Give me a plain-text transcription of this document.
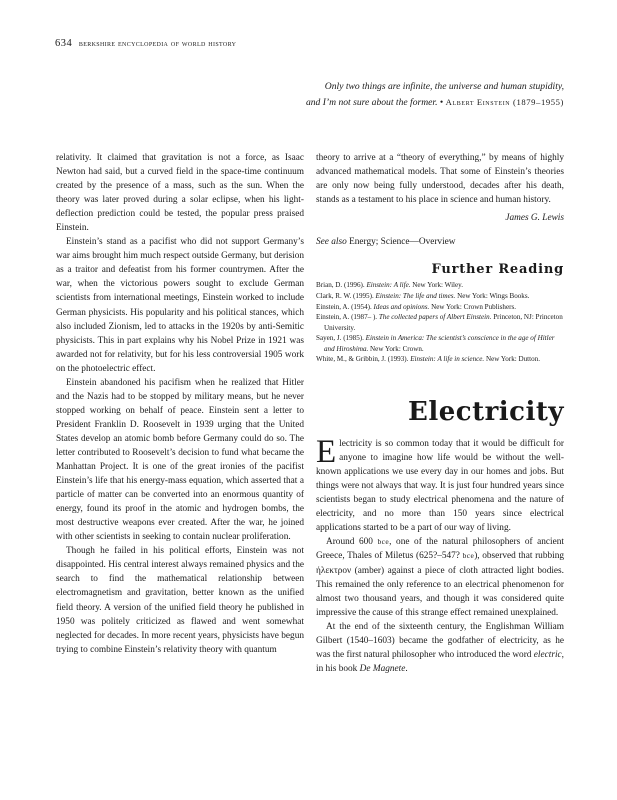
634 berkshire encyclopedia of world history
Only two things are infinite, the universe and human stupidity,
and I’m not sure about the former. • Albert Einstein (1879–1955)

relativity. It claimed that gravitation is not a force, as Isaac Newton had said, but a curved field in the space-time continuum created by the presence of a mass, such as the sun. When the theory was later proved during a solar eclipse, when his light-deflection prediction could be tested, the popular press praised Einstein.

Einstein’s stand as a pacifist who did not support Germany’s war aims brought him much respect outside Germany, but derision as a traitor and defeatist from his former countrymen. After the war, when the victorious powers sought to exclude German scientists from international meetings, Einstein worked to include German physicists. His popularity and his political stances, which also included Zionism, led to attacks in the 1920s by anti-Semitic physicists. This in part explains why his Nobel Prize in 1921 was awarded not for relativity, but for his less controversial 1905 work on the photoelectric effect.

Einstein abandoned his pacifism when he realized that Hitler and the Nazis had to be stopped by military means, but he never stopped working on behalf of peace. Einstein sent a letter to President Franklin D. Roosevelt in 1939 urging that the United States develop an atomic bomb before Germany could do so. The letter contributed to Roosevelt’s decision to fund what became the Manhattan Project. It is one of the great ironies of the pacifist Einstein’s life that his energy-mass equation, which asserted that a particle of matter can be converted into an enormous quantity of energy, found its proof in the atomic and hydrogen bombs, the most destructive weapons ever created. After the war, he joined with other scientists in seeking to contain nuclear proliferation.

Though he failed in his political efforts, Einstein was not disappointed. His central interest always remained physics and the search to find the mathematical relationship between electromagnetism and gravitation, better known as the unified field theory. A version of the unified field theory he published in 1950 was politely criticized as flawed and went somewhat neglected for decades. In more recent years, physicists have begun trying to combine Einstein’s relativity theory with quantum

theory to arrive at a “theory of everything,” by means of highly advanced mathematical models. That some of Einstein’s theories are only now being fully understood, decades after his death, stands as a testament to his place in science and human history.

James G. Lewis

See also Energy; Science—Overview

Further Reading
Brian, D. (1996). Einstein: A life. New York: Wiley.
Clark, R. W. (1995). Einstein: The life and times. New York: Wings Books.
Einstein, A. (1954). Ideas and opinions. New York: Crown Publishers.
Einstein, A. (1987– ). The collected papers of Albert Einstein. Princeton, NJ: Princeton University.
Sayen, J. (1985). Einstein in America: The scientist’s conscience in the age of Hitler and Hiroshima. New York: Crown.
White, M., & Gribbin, J. (1993). Einstein: A life in science. New York: Dutton.
Electricity

Electricity is so common today that it would be difficult for anyone to imagine how life would be without the well-known applications we use every day in our homes and jobs. But things were not always that way. It is just four hundred years since scientists began to study electrical phenomena and the nature of electricity, and no more than 150 years since electrical applications started to be a part of our way of living.

Around 600 bce, one of the natural philosophers of ancient Greece, Thales of Miletus (625?–547? bce), observed that rubbing ήλεκτρον (amber) against a piece of cloth attracted light bodies. This remained the only reference to an electrical phenomenon for almost two thousand years, and though it was considered quite impressive the cause of this strange effect remained unexplained.

At the end of the sixteenth century, the Englishman William Gilbert (1540–1603) became the godfather of electricity, as he was the first natural philosopher who introduced the word electric, in his book De Magnete.
